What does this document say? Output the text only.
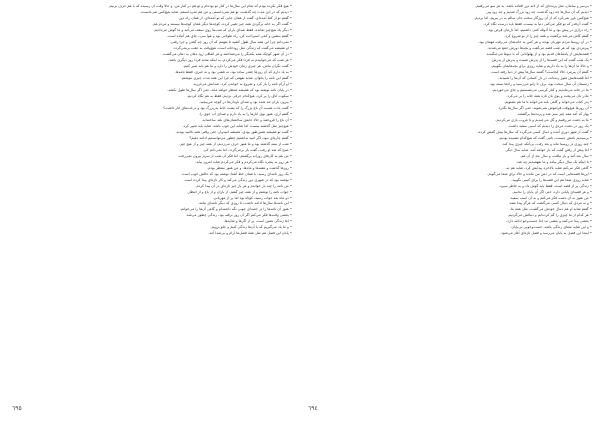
• هیچ فکر نکرده بودم که تمام این سال‌ها در کنار تو بوده‌ام و تو هم در کنار من، و حالا وقت آن رسیده که با هم حرف بزنیم.

• دیدیم که در این مدت چه گذشت، تو هم نمی‌دانستی و من هم نمی‌دانستم، شاید هیچ‌کس نمی‌دانست.

• گفتم تو از کجا آمده‌ای، گفت از همان جایی که تو آمده‌ای، از همان راه دور.

• گفت اگر به خانه برگردی همه چیز تغییر کرده، کوچه‌ها دیگر همان کوچه‌ها نیستند و مردم هم.

• دیگر یاد هیچ‌چیز نمانده، فقط صدای باران که شب‌ها روی سقف می‌آمد و ما گوش می‌دادیم.

• گفتم بنشین و کمی استراحت کن، راه طولانی بود و هوا سرد، چای هم آماده است.

• نمی‌دانم چرا این همه سال طول کشید تا بفهمم که آن روز چه گفتی و چرا رفتی.

• او همیشه می‌گفت که زندگی مثل رودخانه است، هیچ‌وقت به عقب برنمی‌گردد.

• در آن شهر کوچک همه یکدیگر را می‌شناختند و هر اتفاقی زود دهان به دهان می‌گشت.

• هر شب که می‌خوابیدم به فردا فکر می‌کردم، به اینکه شاید فردا روز دیگری باشد.

• گفت نگران نباش، هر چیزی زمان خودش را دارد و ما هم باید صبر کنیم.

• به یاد دارم که آن روزها چقدر ساده بود، نه تلفنی بود و نه خبری، فقط نامه‌ها.

• گفتم این نامه را بخوان، شاید بفهمی که چرا این همه مدت چیزی ننوشتم.

• او آرام نامه را باز کرد و شروع به خواندن کرد، صدایش می‌لرزید.

• در پایان نامه نوشته بود که همیشه منتظر خواهد ماند، حتی اگر سال‌ها طول بکشد.

• سکوت اتاق را پر کرد، هیچ‌کدام حرفی نزدیم، فقط به هم نگاه کردیم.

• بیرون باران تند شده بود و صدای ناودان‌ها در کوچه می‌پیچید.

• گفت یادت هست آن باغ بزرگ را که پشت خانهٔ پدربزرگ بود و درخت‌های انار داشت؟

• گفتم آری، هنوز بوی انارها را به یاد دارم و صدای آب جوی را.

• آن باغ را فروختند و حالا جایش ساختمان‌های بلند ساخته‌اند.

• هیچ‌چیز مثل گذشته نیست، اما شاید این خوب باشد، شاید باید تغییر کرد.

• گفت تو همیشه همین‌طور بودی، همیشه امیدوار، حتی وقتی همه ناامید بودند.

• گفتم چاره‌ای نبود، اگر امید نداشتیم چطور می‌توانستیم ادامه دهیم؟

• شب از نیمه گذشته بود و ما هنوز حرف می‌زدیم، از همه چیز و از هیچ چیز.

• صبح که شد او رفت، گفت باز برمی‌گردد، اما نمی‌دانم کی.

• من هم به کارهای روزانه برگشتم، اما فکر آن شب از سرم بیرون نمی‌رفت.

• هر روز به پنجره نگاه می‌کردم و فکر می‌کردم شاید امروز بیاید.

• روزها گذشت و هفته‌ها و ماه‌ها، و من هنوز منتظر بودم.

• یک روز نامه‌ای رسید، با همان خط آشنا، نوشته بود که حالش خوب است.

• نوشته بود که در شهری دور زندگی می‌کند و کار تازه‌ای پیدا کرده است.

• من نامه را چند بار خواندم و هر بار چیز تازه‌ای در آن پیدا کردم.

• جواب نامه را نوشتم و از همه چیز گفتم، از باران و از باغ و از انتظار.

• دو ماه بعد جواب رسید، کوتاه بود اما پر از مهربانی.

• این نامه‌ها سال‌ها ادامه داشت، تا روزی که دیگر نامه‌ای نیامد.

• هنوز آن نامه‌ها را در جعبه‌ای چوبی نگه داشته‌ام و گاهی آن‌ها را می‌خوانم.

• بعضی وقت‌ها فکر می‌کنم اگر آن روز نرفته بود، زندگی چطور می‌شد.

• اما زندگی همین است، پر از اگرها و شایدها.

• و ما یاد می‌گیریم که با آن‌ها زندگی کنیم و جلو برویم.

• پایان این فصل هم مثل همهٔ فصل‌ها آرام و بی‌صدا آمد.

٦٩٥

• بی‌سر و سامان، مثل پرنده‌ای که از لانه دور افتاده باشد، به هر سو می‌رفتیم.

• دیدیم که آن سال‌ها چه زود گذشت، چه زود بزرگ شدیم و چه زود پیر.

• هیچ‌کس باور نمی‌کرد که از آن روزگار سخت جان سالم به در ببریم، اما بردیم.

• گفت آن‌قدر که تو فکر می‌کنی دنیا بد نیست، فقط باید درست نگاه کرد.

• راه درازی در پیش بود و ما آذوقهٔ کمی داشتیم، اما دل‌مان قرص بود.

• گفتم کاش می‌شد برگشت و همه چیز را از نو شروع کرد.

• در آن روستا مردم مهربان بودند و هر کس به خانه‌شان می‌رفت مهمان بود.

• پیرمردی بود که هر شب قصه می‌گفت و بچه‌ها دورش جمع می‌شدند.

• قصه‌هایش از پادشاهان قدیم بود و از پهلوانانی که با دیوها می‌جنگیدند.

• یک شب گفت که این قصه‌ها را از پدرش شنیده و پدرش از پدرش.

• و حالا ما آن‌ها را به یاد داریم و شاید روزی برای بچه‌هایمان بگوییم.

• گفتم آن پیرمرد حالا کجاست؟ گفتند سال‌ها پیش از دنیا رفته است.

• اما قصه‌هایش هنوز زنده‌اند، در دل کسانی که آن‌ها را شنیدند.

• زمستان آن سال سخت بود، برف تا زانو می‌رسید و راه‌ها بسته بود.

• ما در خانه می‌ماندیم و کنار کرسی می‌نشستیم و چای می‌خوردیم.

• مادر نان می‌پخت و بوی نان تازه همهٔ خانه را پر می‌کرد.

• پدر کتاب می‌خواند و گاهی بلند می‌خواند تا ما هم بشنویم.

• آن روزها هیچ‌وقت فراموش نمی‌شوند، حتی اگر سال‌ها بگذرد.

• بهار که آمد همه چیز سبز شد و پرنده‌ها برگشتند.

• ما به دشت می‌رفتیم و گل می‌چیدیم و تا غروب بازی می‌کردیم.

• یک روز در دشت مردی را دیدیم که اسبی سفید داشت.

• گفت از شهر دوری آمده و دنبال کسی می‌گردد که سال‌ها پیش گمش کرده.

• پرسیدیم نامش چیست، نامی گفت که هیچ‌کدام نشنیده بودیم.

• چند روزی در روستا ماند و بعد رفت، بی‌آنکه چیزی پیدا کند.

• اما پیش از رفتن گفت که باز خواهد آمد، شاید سال دیگر.

• سال بعد آمد و باز نیافت، و سال بعد از آن هم.

• تا اینکه یک سال دیگر نیامد و ما نفهمیدیم چه شد.

• گاهی فکر می‌کنم شاید بالاخره پیدایش کرد، شاید هم نه.

• این‌ها قصه‌هایی است که در ذهن من مانده و حالا برای شما می‌گویم.

• شاید روزی شما هم این قصه‌ها را برای کسی بگویید.

• زندگی پر از قصه است، فقط باید گوش داد و به خاطر سپرد.

• و هر قصه‌ای پایانی دارد، حتی اگر آن پایان را ندانیم.

• من هنوز به آن دشت فکر می‌کنم و به آن اسب سفید.

• و به مردی که دنبال کسی می‌گشت که هرگز پیدا نشد.

• گفتم شاید او هم دنبال خودش می‌گشت، مثل همهٔ ما.

• هر کدام از ما چیزی را گم کرده‌ایم و دنبالش می‌گردیم.

• بعضی پیدا می‌کنند و بعضی نه، اما جست‌وجو ادامه دارد.

• و این شاید معنای زندگی باشد، جست‌وجویی بی‌پایان.

• اینجا این فصل به پایان می‌رسد و فصل تازه‌ای آغاز می‌شود.

٦٩٤
